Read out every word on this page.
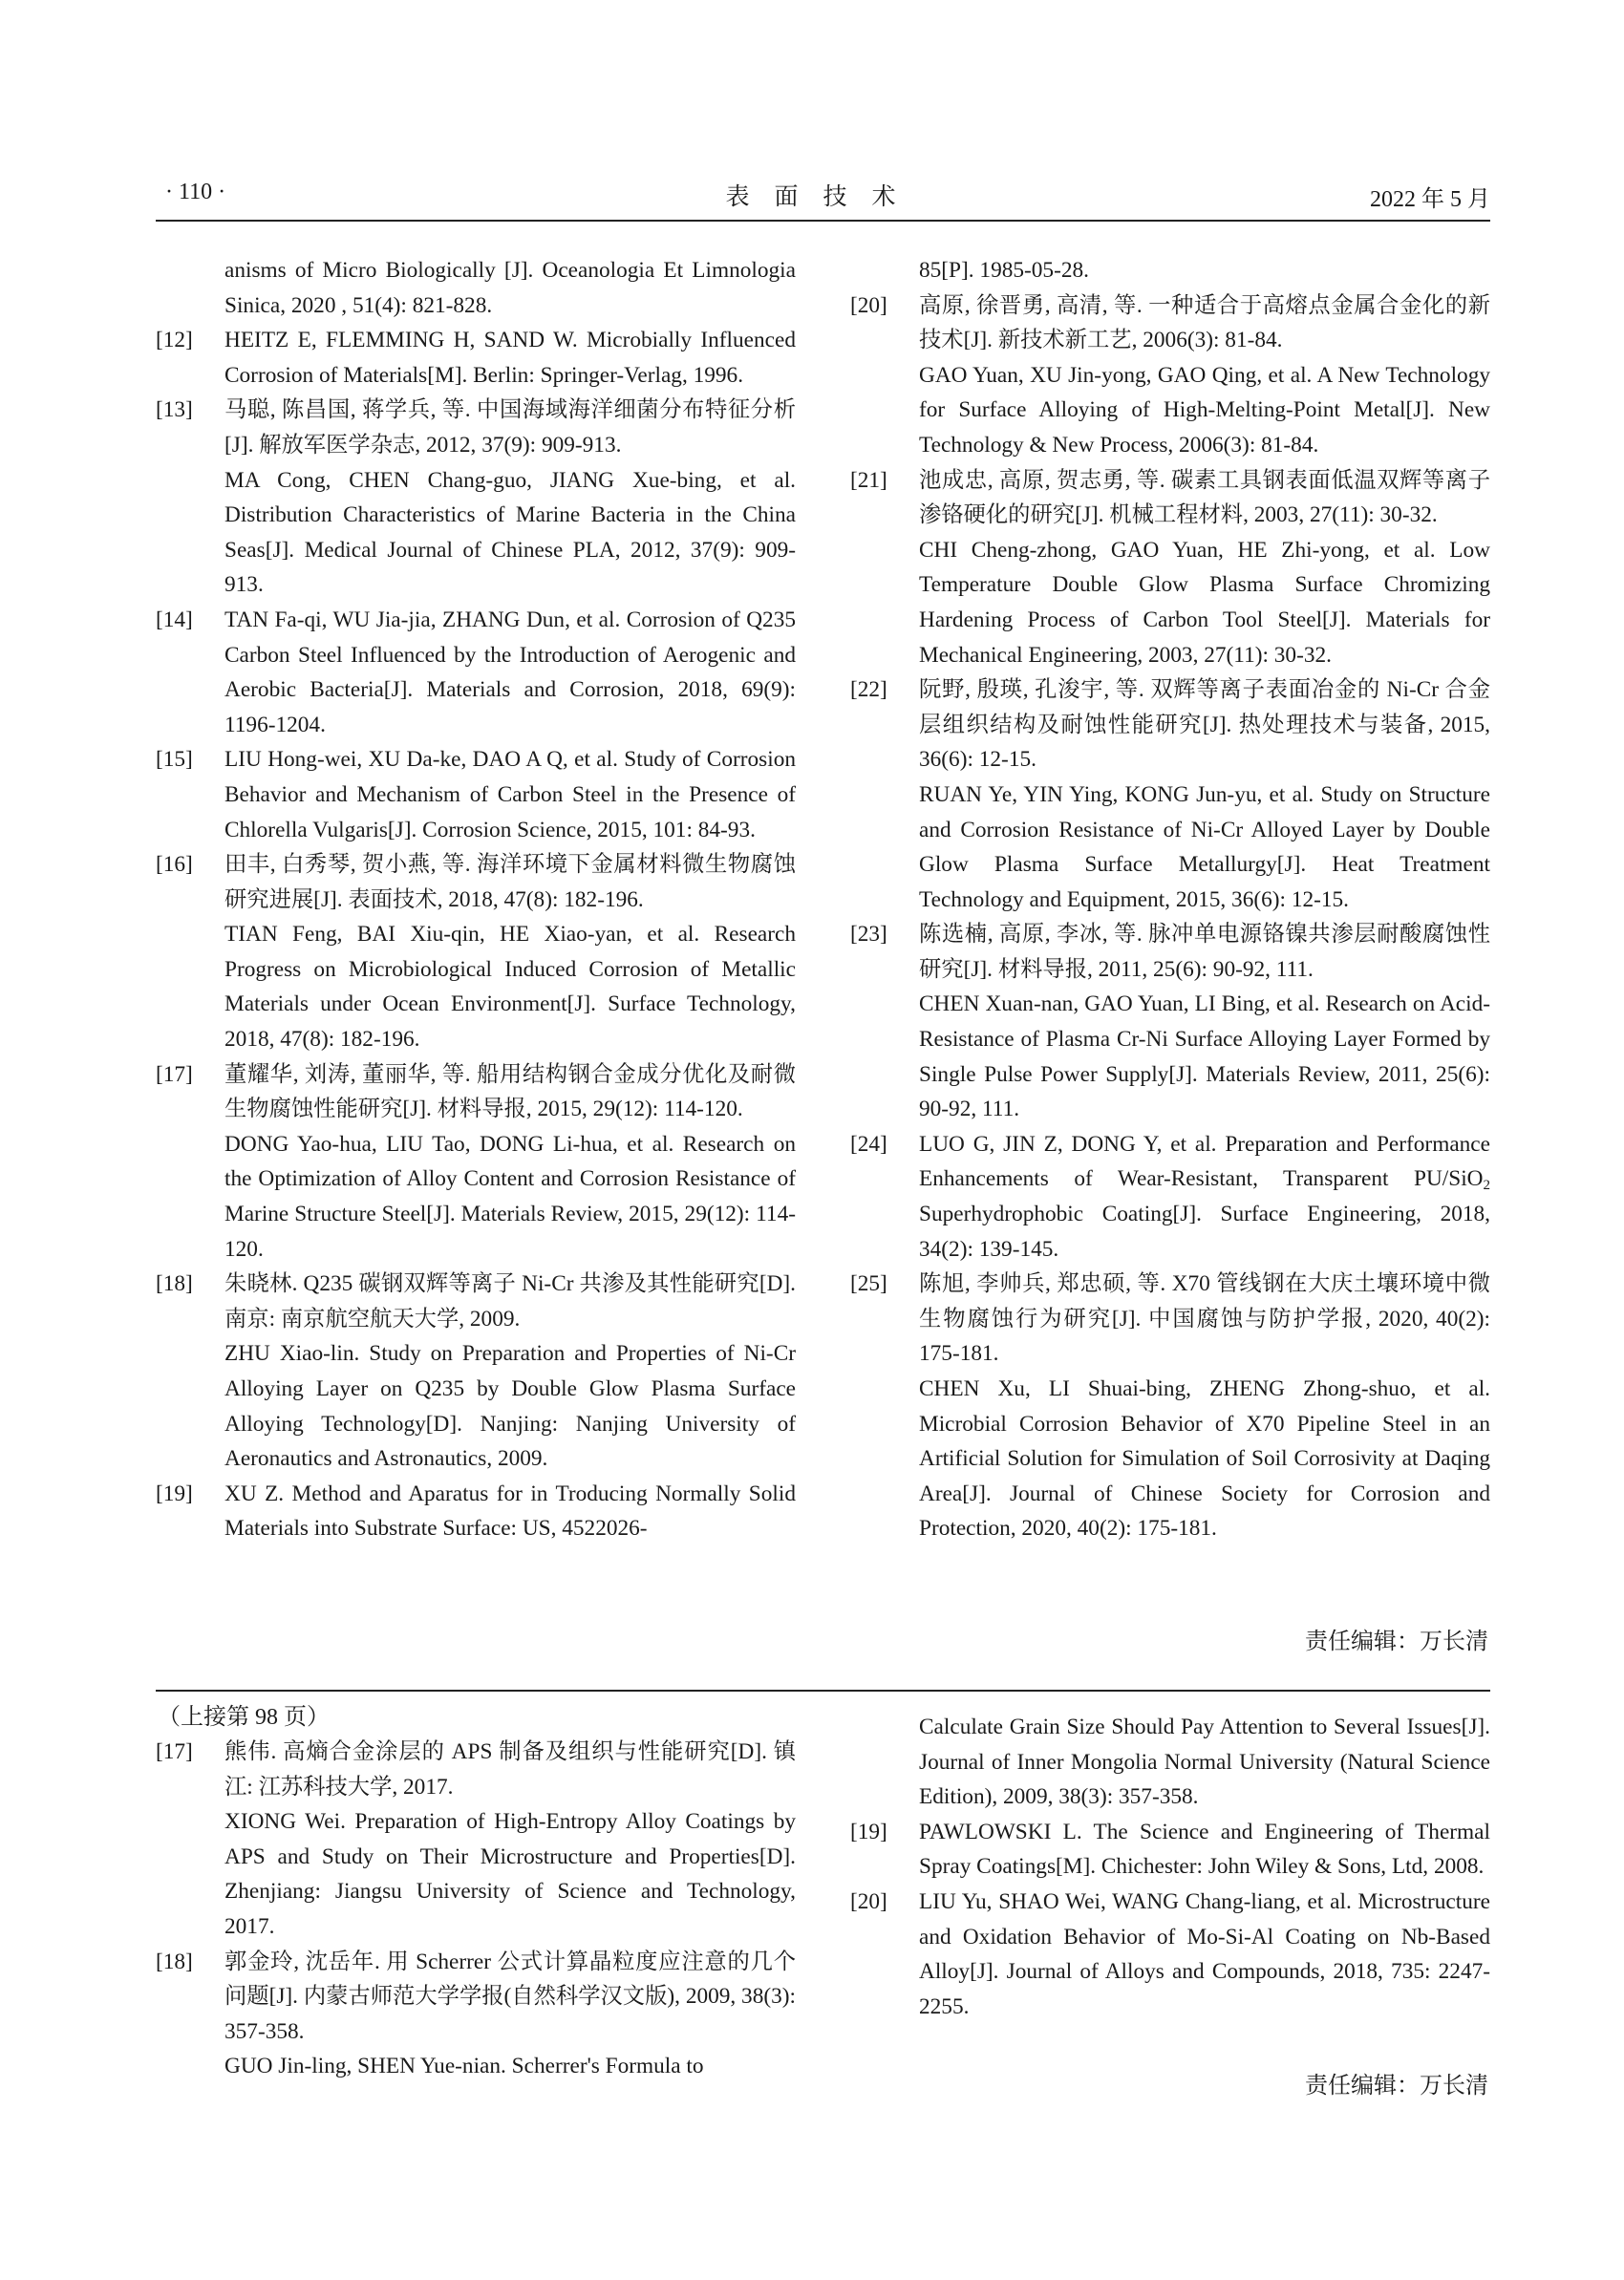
· 110 ·	表面技术	2022 年 5 月

anisms of Micro Biologically [J]. Oceanologia Et Limnologia Sinica, 2020 , 51(4): 821-828.

[12] HEITZ E, FLEMMING H, SAND W. Microbially Influenced Corrosion of Materials[M]. Berlin: Springer-Verlag, 1996.

[13] 马聪, 陈昌国, 蒋学兵, 等. 中国海域海洋细菌分布特征分析[J]. 解放军医学杂志, 2012, 37(9): 909-913.

MA Cong, CHEN Chang-guo, JIANG Xue-bing, et al. Distribution Characteristics of Marine Bacteria in the China Seas[J]. Medical Journal of Chinese PLA, 2012, 37(9): 909-913.

[14] TAN Fa-qi, WU Jia-jia, ZHANG Dun, et al. Corrosion of Q235 Carbon Steel Influenced by the Introduction of Aerogenic and Aerobic Bacteria[J]. Materials and Corrosion, 2018, 69(9): 1196-1204.

[15] LIU Hong-wei, XU Da-ke, DAO A Q, et al. Study of Corrosion Behavior and Mechanism of Carbon Steel in the Presence of Chlorella Vulgaris[J]. Corrosion Science, 2015, 101: 84-93.

[16] 田丰, 白秀琴, 贺小燕, 等. 海洋环境下金属材料微生物腐蚀研究进展[J]. 表面技术, 2018, 47(8): 182-196.

TIAN Feng, BAI Xiu-qin, HE Xiao-yan, et al. Research Progress on Microbiological Induced Corrosion of Metallic Materials under Ocean Environment[J]. Surface Technology, 2018, 47(8): 182-196.

[17] 董耀华, 刘涛, 董丽华, 等. 船用结构钢合金成分优化及耐微生物腐蚀性能研究[J]. 材料导报, 2015, 29(12): 114-120.

DONG Yao-hua, LIU Tao, DONG Li-hua, et al. Research on the Optimization of Alloy Content and Corrosion Resistance of Marine Structure Steel[J]. Materials Review, 2015, 29(12): 114-120.

[18] 朱晓林. Q235 碳钢双辉等离子 Ni-Cr 共渗及其性能研究[D]. 南京: 南京航空航天大学, 2009.

ZHU Xiao-lin. Study on Preparation and Properties of Ni-Cr Alloying Layer on Q235 by Double Glow Plasma Surface Alloying Technology[D]. Nanjing: Nanjing University of Aeronautics and Astronautics, 2009.

[19] XU Z. Method and Aparatus for in Troducing Normally Solid Materials into Substrate Surface: US, 4522026-

85[P]. 1985-05-28.

[20] 高原, 徐晋勇, 高清, 等. 一种适合于高熔点金属合金化的新技术[J]. 新技术新工艺, 2006(3): 81-84.

GAO Yuan, XU Jin-yong, GAO Qing, et al. A New Technology for Surface Alloying of High-Melting-Point Metal[J]. New Technology & New Process, 2006(3): 81-84.

[21] 池成忠, 高原, 贺志勇, 等. 碳素工具钢表面低温双辉等离子渗铬硬化的研究[J]. 机械工程材料, 2003, 27(11): 30-32.

CHI Cheng-zhong, GAO Yuan, HE Zhi-yong, et al. Low Temperature Double Glow Plasma Surface Chromizing Hardening Process of Carbon Tool Steel[J]. Materials for Mechanical Engineering, 2003, 27(11): 30-32.

[22] 阮野, 殷瑛, 孔浚宇, 等. 双辉等离子表面冶金的 Ni-Cr 合金层组织结构及耐蚀性能研究[J]. 热处理技术与装备, 2015, 36(6): 12-15.

RUAN Ye, YIN Ying, KONG Jun-yu, et al. Study on Structure and Corrosion Resistance of Ni-Cr Alloyed Layer by Double Glow Plasma Surface Metallurgy[J]. Heat Treatment Technology and Equipment, 2015, 36(6): 12-15.

[23] 陈选楠, 高原, 李冰, 等. 脉冲单电源铬镍共渗层耐酸腐蚀性研究[J]. 材料导报, 2011, 25(6): 90-92, 111.

CHEN Xuan-nan, GAO Yuan, LI Bing, et al. Research on Acid-Resistance of Plasma Cr-Ni Surface Alloying Layer Formed by Single Pulse Power Supply[J]. Materials Review, 2011, 25(6): 90-92, 111.

[24] LUO G, JIN Z, DONG Y, et al. Preparation and Performance Enhancements of Wear-Resistant, Transparent PU/SiO$_2$ Superhydrophobic Coating[J]. Surface Engineering, 2018, 34(2): 139-145.

[25] 陈旭, 李帅兵, 郑忠硕, 等. X70 管线钢在大庆土壤环境中微生物腐蚀行为研究[J]. 中国腐蚀与防护学报, 2020, 40(2): 175-181.

CHEN Xu, LI Shuai-bing, ZHENG Zhong-shuo, et al. Microbial Corrosion Behavior of X70 Pipeline Steel in an Artificial Solution for Simulation of Soil Corrosivity at Daqing Area[J]. Journal of Chinese Society for Corrosion and Protection, 2020, 40(2): 175-181.

责任编辑：万长清

（上接第 98 页）

[17] 熊伟. 高熵合金涂层的 APS 制备及组织与性能研究[D]. 镇江: 江苏科技大学, 2017.

XIONG Wei. Preparation of High-Entropy Alloy Coatings by APS and Study on Their Microstructure and Properties[D]. Zhenjiang: Jiangsu University of Science and Technology, 2017.

[18] 郭金玲, 沈岳年. 用 Scherrer 公式计算晶粒度应注意的几个问题[J]. 内蒙古师范大学学报(自然科学汉文版), 2009, 38(3): 357-358.

GUO Jin-ling, SHEN Yue-nian. Scherrer's Formula to

Calculate Grain Size Should Pay Attention to Several Issues[J]. Journal of Inner Mongolia Normal University (Natural Science Edition), 2009, 38(3): 357-358.

[19] PAWLOWSKI L. The Science and Engineering of Thermal Spray Coatings[M]. Chichester: John Wiley & Sons, Ltd, 2008.

[20] LIU Yu, SHAO Wei, WANG Chang-liang, et al. Microstructure and Oxidation Behavior of Mo-Si-Al Coating on Nb-Based Alloy[J]. Journal of Alloys and Compounds, 2018, 735: 2247-2255.

责任编辑：万长清
